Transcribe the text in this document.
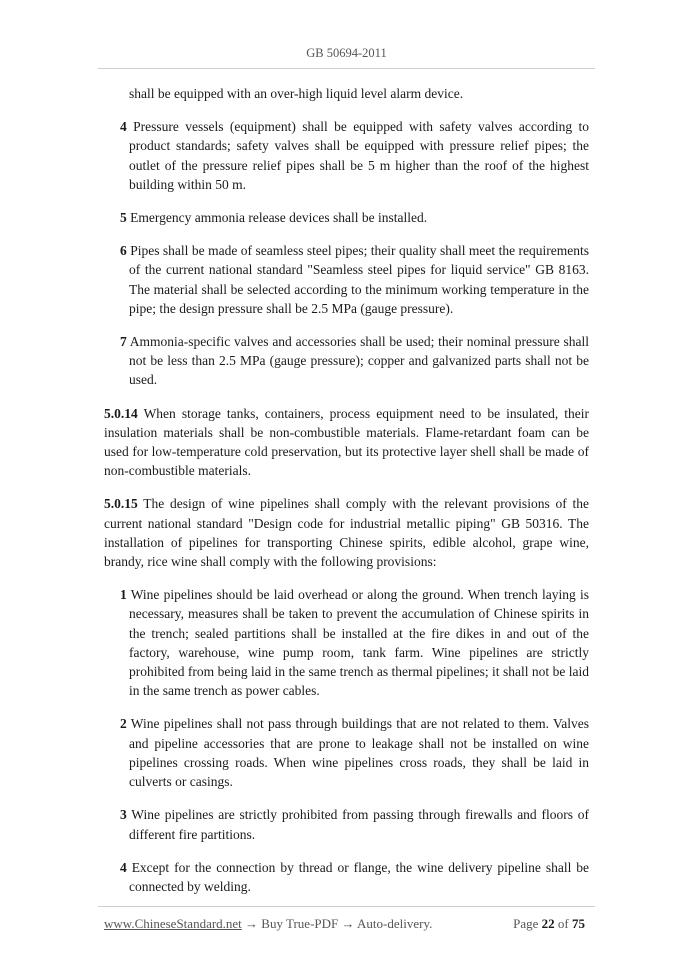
GB 50694-2011

shall be equipped with an over-high liquid level alarm device.

4 Pressure vessels (equipment) shall be equipped with safety valves according to product standards; safety valves shall be equipped with pressure relief pipes; the outlet of the pressure relief pipes shall be 5 m higher than the roof of the highest building within 50 m.

5 Emergency ammonia release devices shall be installed.

6 Pipes shall be made of seamless steel pipes; their quality shall meet the requirements of the current national standard "Seamless steel pipes for liquid service" GB 8163. The material shall be selected according to the minimum working temperature in the pipe; the design pressure shall be 2.5 MPa (gauge pressure).

7 Ammonia-specific valves and accessories shall be used; their nominal pressure shall not be less than 2.5 MPa (gauge pressure); copper and galvanized parts shall not be used.

5.0.14 When storage tanks, containers, process equipment need to be insulated, their insulation materials shall be non-combustible materials. Flame-retardant foam can be used for low-temperature cold preservation, but its protective layer shell shall be made of non-combustible materials.

5.0.15 The design of wine pipelines shall comply with the relevant provisions of the current national standard "Design code for industrial metallic piping" GB 50316. The installation of pipelines for transporting Chinese spirits, edible alcohol, grape wine, brandy, rice wine shall comply with the following provisions:

1 Wine pipelines should be laid overhead or along the ground. When trench laying is necessary, measures shall be taken to prevent the accumulation of Chinese spirits in the trench; sealed partitions shall be installed at the fire dikes in and out of the factory, warehouse, wine pump room, tank farm. Wine pipelines are strictly prohibited from being laid in the same trench as thermal pipelines; it shall not be laid in the same trench as power cables.

2 Wine pipelines shall not pass through buildings that are not related to them. Valves and pipeline accessories that are prone to leakage shall not be installed on wine pipelines crossing roads. When wine pipelines cross roads, they shall be laid in culverts or casings.

3 Wine pipelines are strictly prohibited from passing through firewalls and floors of different fire partitions.

4 Except for the connection by thread or flange, the wine delivery pipeline shall be connected by welding.

www.ChineseStandard.net → Buy True-PDF → Auto-delivery.	Page 22 of 75
